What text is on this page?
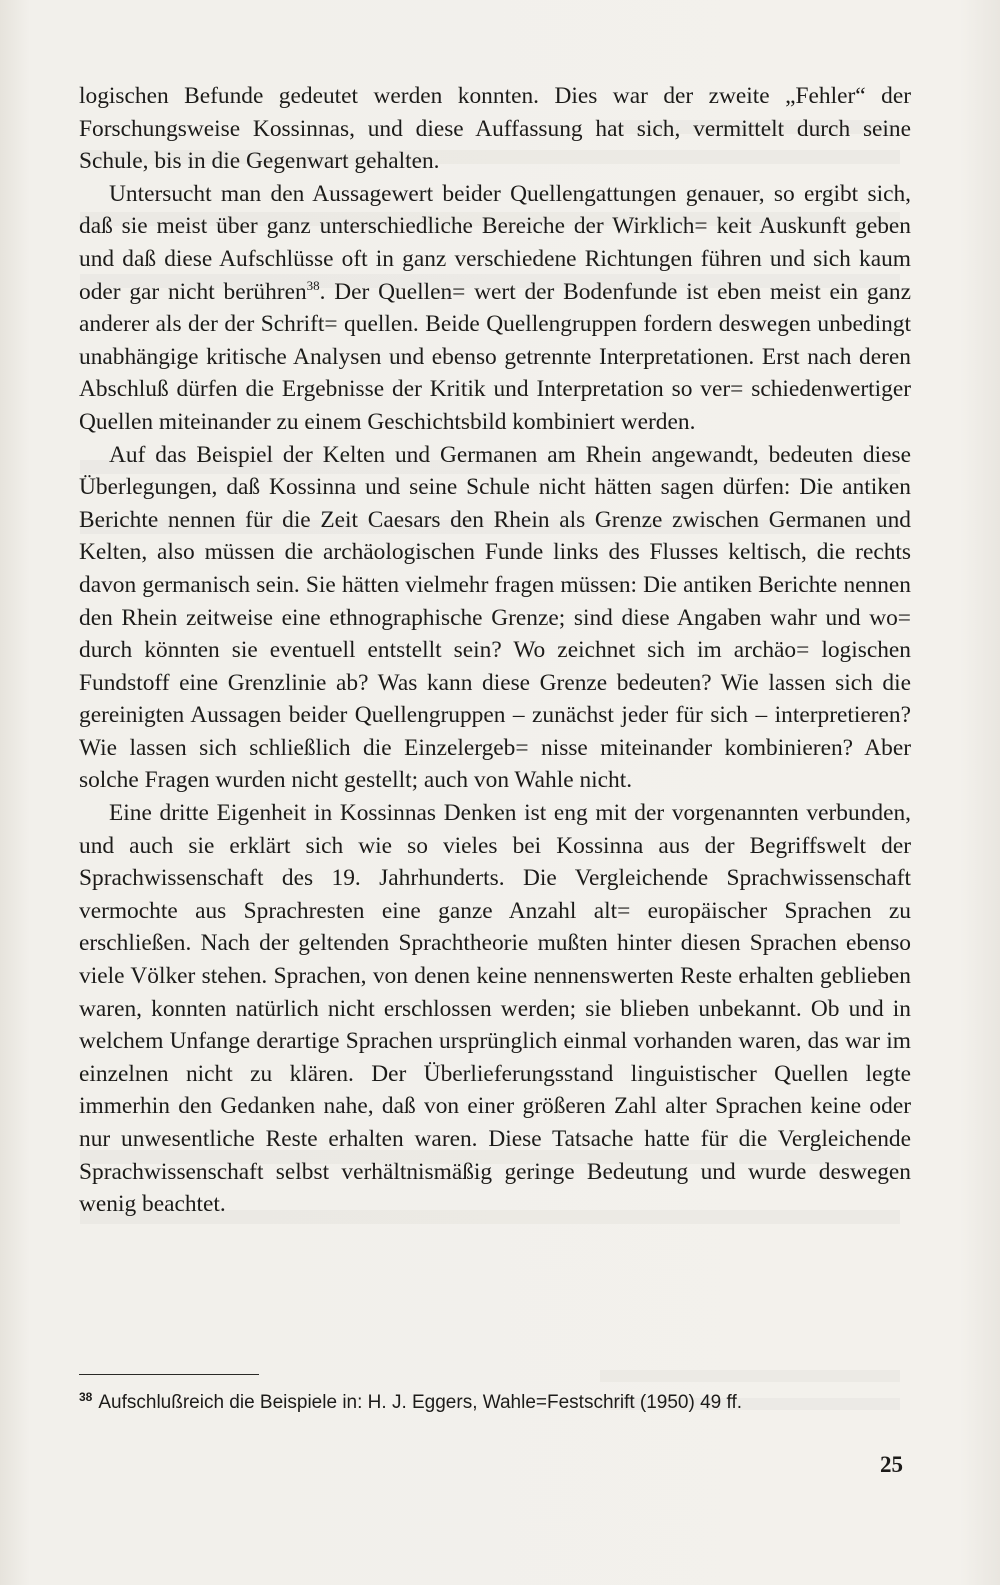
logischen Befunde gedeutet werden konnten. Dies war der zweite „Fehler“ der Forschungsweise Kossinnas, und diese Auffassung hat sich, vermittelt durch seine Schule, bis in die Gegenwart gehalten.

Untersucht man den Aussagewert beider Quellengattungen genauer, so ergibt sich, daß sie meist über ganz unterschiedliche Bereiche der Wirklich= keit Auskunft geben und daß diese Aufschlüsse oft in ganz verschiedene Richtungen führen und sich kaum oder gar nicht berühren$^{38}$. Der Quellen= wert der Bodenfunde ist eben meist ein ganz anderer als der der Schrift= quellen. Beide Quellengruppen fordern deswegen unbedingt unabhängige kritische Analysen und ebenso getrennte Interpretationen. Erst nach deren Abschluß dürfen die Ergebnisse der Kritik und Interpretation so ver= schiedenwertiger Quellen miteinander zu einem Geschichtsbild kombiniert werden.

Auf das Beispiel der Kelten und Germanen am Rhein angewandt, bedeuten diese Überlegungen, daß Kossinna und seine Schule nicht hätten sagen dürfen: Die antiken Berichte nennen für die Zeit Caesars den Rhein als Grenze zwischen Germanen und Kelten, also müssen die archäologischen Funde links des Flusses keltisch, die rechts davon germanisch sein. Sie hätten vielmehr fragen müssen: Die antiken Berichte nennen den Rhein zeitweise eine ethnographische Grenze; sind diese Angaben wahr und wo= durch könnten sie eventuell entstellt sein? Wo zeichnet sich im archäo= logischen Fundstoff eine Grenzlinie ab? Was kann diese Grenze bedeuten? Wie lassen sich die gereinigten Aussagen beider Quellengruppen – zunächst jeder für sich – interpretieren? Wie lassen sich schließlich die Einzelergeb= nisse miteinander kombinieren? Aber solche Fragen wurden nicht gestellt; auch von Wahle nicht.

Eine dritte Eigenheit in Kossinnas Denken ist eng mit der vorgenannten verbunden, und auch sie erklärt sich wie so vieles bei Kossinna aus der Begriffswelt der Sprachwissenschaft des 19. Jahrhunderts. Die Vergleichende Sprachwissenschaft vermochte aus Sprachresten eine ganze Anzahl alt= europäischer Sprachen zu erschließen. Nach der geltenden Sprachtheorie mußten hinter diesen Sprachen ebenso viele Völker stehen. Sprachen, von denen keine nennenswerten Reste erhalten geblieben waren, konnten natürlich nicht erschlossen werden; sie blieben unbekannt. Ob und in welchem Unfange derartige Sprachen ursprünglich einmal vorhanden waren, das war im einzelnen nicht zu klären. Der Überlieferungsstand linguistischer Quellen legte immerhin den Gedanken nahe, daß von einer größeren Zahl alter Sprachen keine oder nur unwesentliche Reste erhalten waren. Diese Tatsache hatte für die Vergleichende Sprachwissenschaft selbst verhältnismäßig geringe Bedeutung und wurde deswegen wenig beachtet.

$^{38}$ Aufschlußreich die Beispiele in: H. J. Eggers, Wahle=Festschrift (1950) 49 ff.
25
